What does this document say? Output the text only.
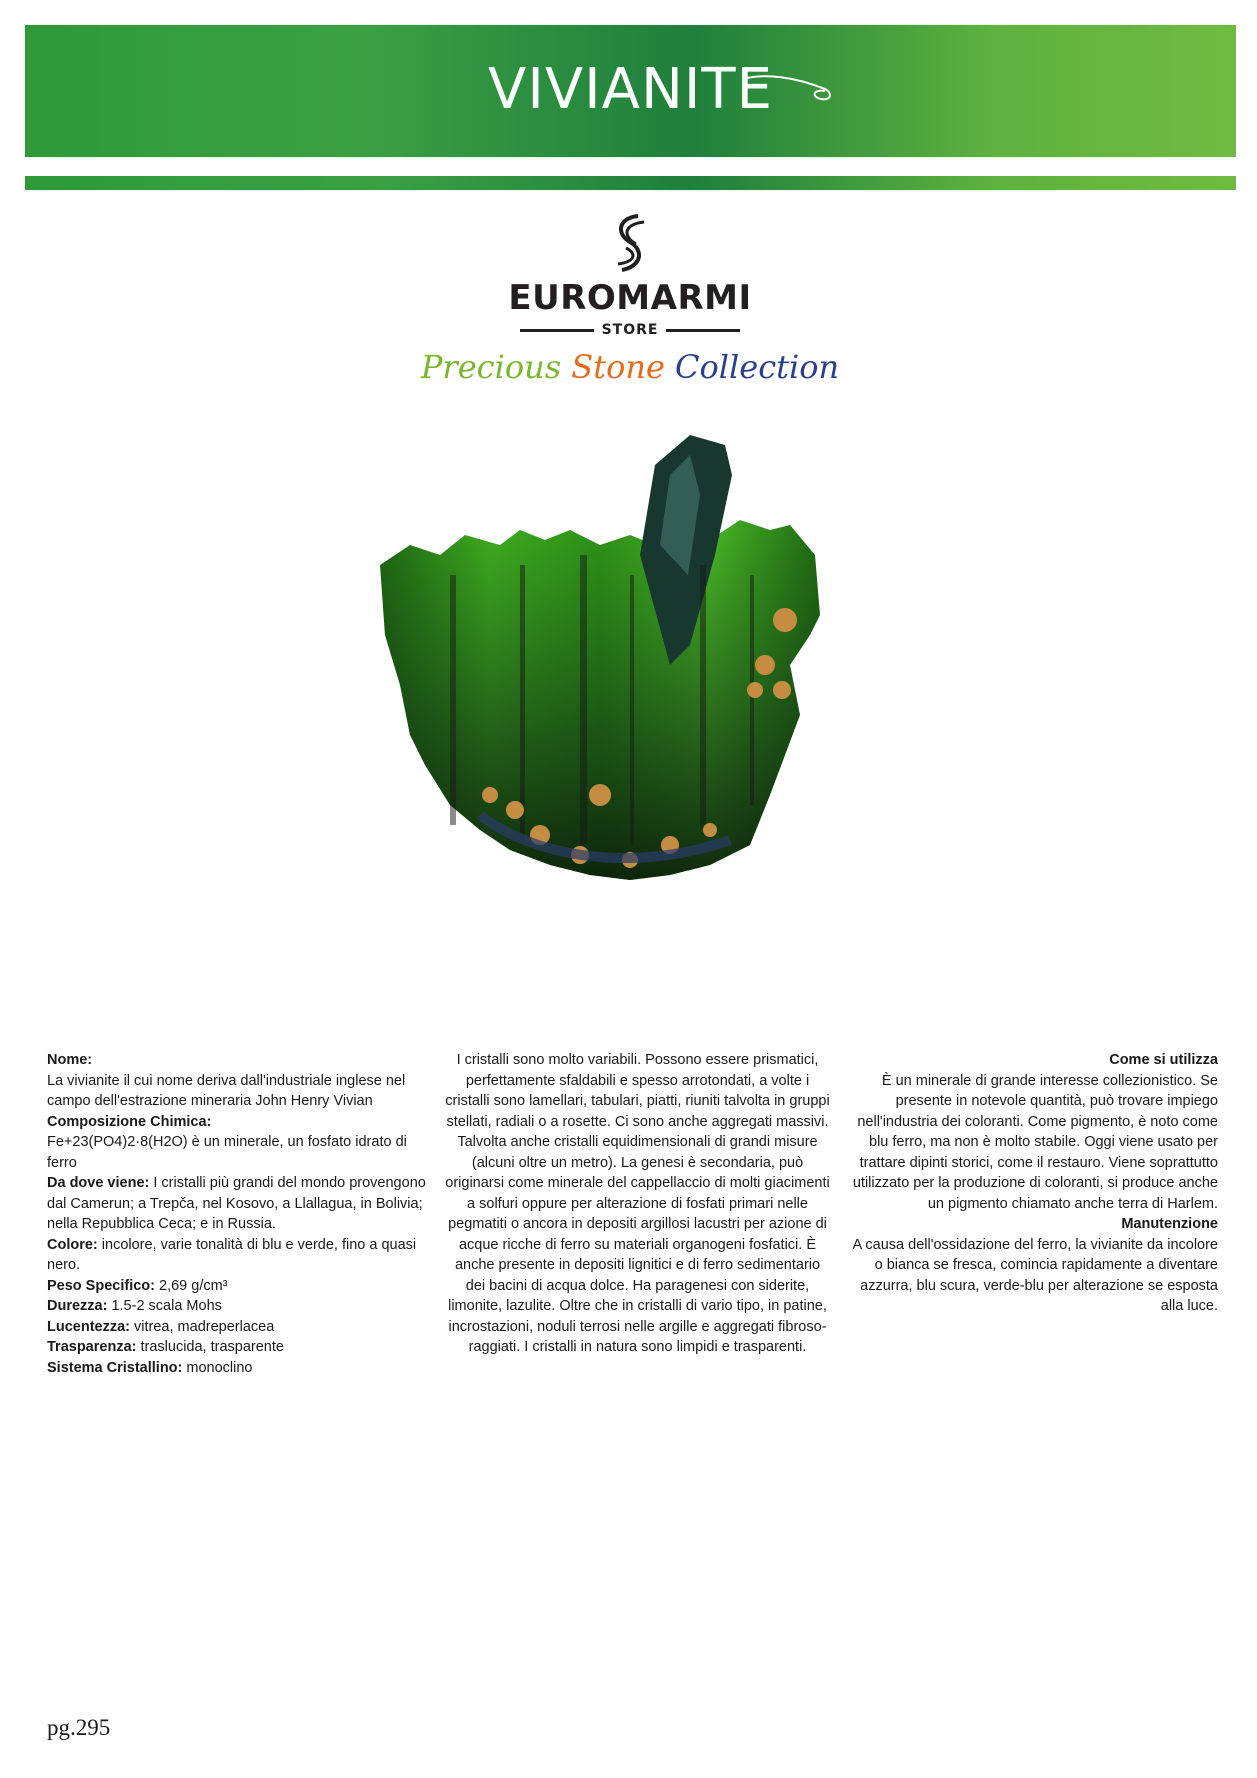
VIVIANITE
EUROMARMI
STORE
Precious Stone Collection

Nome:
La vivianite il cui nome deriva dall'industriale inglese nel campo dell'estrazione mineraria John Henry Vivian

Composizione Chimica:
Fe+23(PO4)2·8(H2O) è un minerale, un fosfato idrato di ferro

Da dove viene: I cristalli più grandi del mondo provengono dal Camerun; a Trepča, nel Kosovo, a Llallagua, in Bolivia; nella Repubblica Ceca; e in Russia.

Colore: incolore, varie tonalità di blu e verde, fino a quasi nero.

Peso Specifico: 2,69 g/cm³

Durezza: 1.5-2 scala Mohs

Lucentezza: vitrea, madreperlacea

Trasparenza: traslucida, trasparente

Sistema Cristallino: monoclino

I cristalli sono molto variabili. Possono essere prismatici, perfettamente sfaldabili e spesso arrotondati, a volte i cristalli sono lamellari, tabulari, piatti, riuniti talvolta in gruppi stellati, radiali o a rosette. Ci sono anche aggregati massivi. Talvolta anche cristalli equidimensionali di grandi misure (alcuni oltre un metro). La genesi è secondaria, può originarsi come minerale del cappellaccio di molti giacimenti a solfuri oppure per alterazione di fosfati primari nelle pegmatiti o ancora in depositi argillosi lacustri per azione di acque ricche di ferro su materiali organogeni fosfatici. È anche presente in depositi lignitici e di ferro sedimentario dei bacini di acqua dolce. Ha paragenesi con siderite, limonite, lazulite. Oltre che in cristalli di vario tipo, in patine, incrostazioni, noduli terrosi nelle argille e aggregati fibroso-raggiati. I cristalli in natura sono limpidi e trasparenti.

Come si utilizza

È un minerale di grande interesse collezionistico. Se presente in notevole quantità, può trovare impiego nell'industria dei coloranti. Come pigmento, è noto come blu ferro, ma non è molto stabile. Oggi viene usato per trattare dipinti storici, come il restauro. Viene soprattutto utilizzato per la produzione di coloranti, si produce anche un pigmento chiamato anche terra di Harlem.

Manutenzione

A causa dell'ossidazione del ferro, la vivianite da incolore o bianca se fresca, comincia rapidamente a diventare azzurra, blu scura, verde-blu per alterazione se esposta alla luce.

pg.295
